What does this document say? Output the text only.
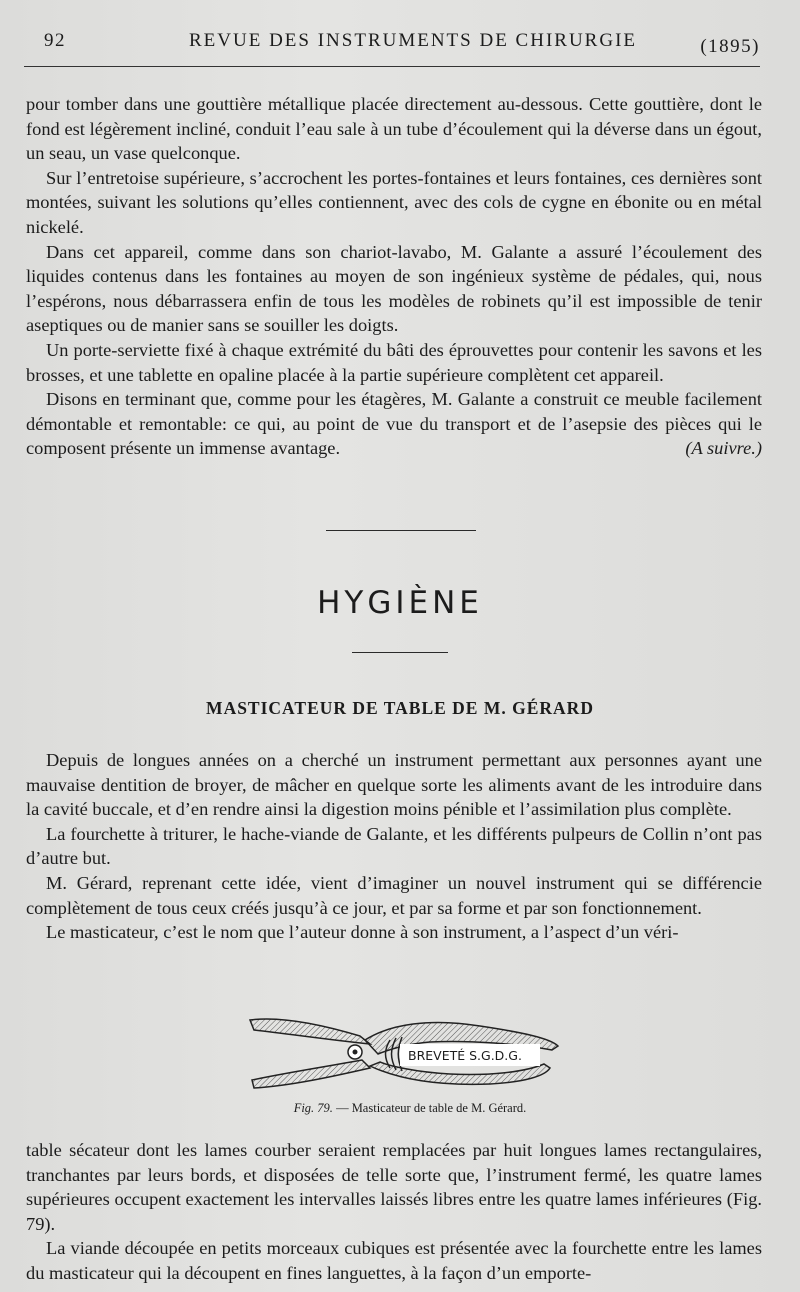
92	REVUE DES INSTRUMENTS DE CHIRURGIE	(1895)

pour tomber dans une gouttière métallique placée directement au-dessous. Cette gouttière, dont le fond est légèrement incliné, conduit l’eau sale à un tube d’écoulement qui la déverse dans un égout, un seau, un vase quelconque.

Sur l’entretoise supérieure, s’accrochent les portes-fontaines et leurs fontaines, ces dernières sont montées, suivant les solutions qu’elles contiennent, avec des cols de cygne en ébonite ou en métal nickelé.

Dans cet appareil, comme dans son chariot-lavabo, M. Galante a assuré l’écoulement des liquides contenus dans les fontaines au moyen de son ingénieux système de pédales, qui, nous l’espérons, nous débarrassera enfin de tous les modèles de robinets qu’il est impossible de tenir aseptiques ou de manier sans se souiller les doigts.

Un porte-serviette fixé à chaque extrémité du bâti des éprouvettes pour contenir les savons et les brosses, et une tablette en opaline placée à la partie supérieure complètent cet appareil.

Disons en terminant que, comme pour les étagères, M. Galante a construit ce meuble facilement démontable et remontable: ce qui, au point de vue du transport et de l’asepsie des pièces qui le composent présente un immense avantage.	(A suivre.)

HYGIÈNE
MASTICATEUR DE TABLE DE M. GÉRARD

Depuis de longues années on a cherché un instrument permettant aux personnes ayant une mauvaise dentition de broyer, de mâcher en quelque sorte les aliments avant de les introduire dans la cavité buccale, et d’en rendre ainsi la digestion moins pénible et l’assimilation plus complète.

La fourchette à triturer, le hache-viande de Galante, et les différents pulpeurs de Collin n’ont pas d’autre but.

M. Gérard, reprenant cette idée, vient d’imaginer un nouvel instrument qui se différencie complètement de tous ceux créés jusqu’à ce jour, et par sa forme et par son fonctionnement.

Le masticateur, c’est le nom que l’auteur donne à son instrument, a l’aspect d’un véri-

BREVETÉ S.G.D.G.
Fig. 79. — Masticateur de table de M. Gérard.

table sécateur dont les lames courber seraient remplacées par huit longues lames rectangulaires, tranchantes par leurs bords, et disposées de telle sorte que, l’instrument fermé, les quatre lames supérieures occupent exactement les intervalles laissés libres entre les quatre lames inférieures (Fig. 79).

La viande découpée en petits morceaux cubiques est présentée avec la fourchette entre les lames du masticateur qui la découpent en fines languettes, à la façon d’un emporte-
